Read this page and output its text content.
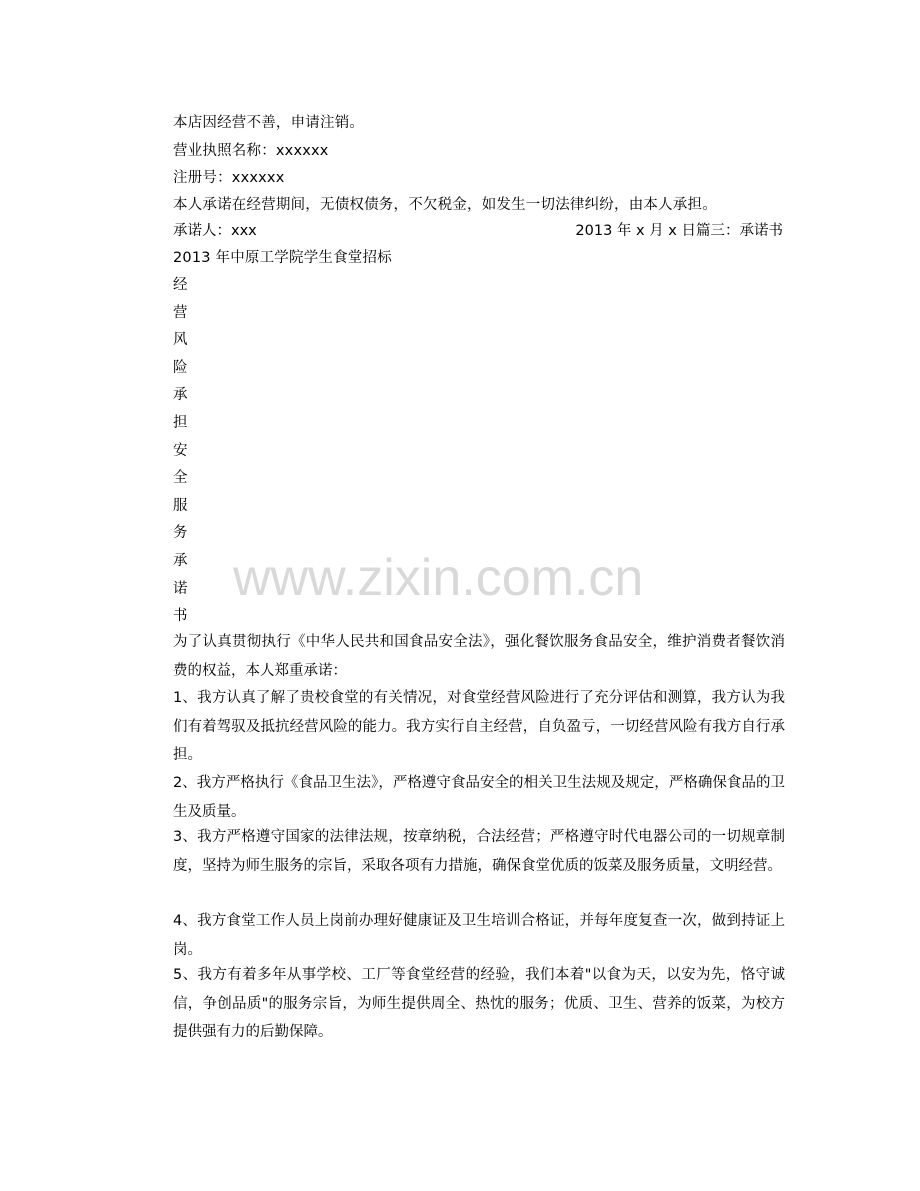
www.zixin.com.cn
本店因经营不善，申请注销。
营业执照名称：xxxxxx
注册号：xxxxxx
本人承诺在经营期间，无债权债务，不欠税金，如发生一切法律纠纷，由本人承担。
承诺人：xxx	2013 年 x 月 x 日篇三：承诺书
2013 年中原工学院学生食堂招标
经
营
风
险
承
担
安
全
服
务
承
诺
书
为了认真贯彻执行《中华人民共和国食品安全法》，强化餐饮服务食品安全，维护消费者餐饮消费的权益，本人郑重承诺：
1、我方认真了解了贵校食堂的有关情况，对食堂经营风险进行了充分评估和测算，我方认为我们有着驾驭及抵抗经营风险的能力。我方实行自主经营，自负盈亏，一切经营风险有我方自行承担。
2、我方严格执行《食品卫生法》，严格遵守食品安全的相关卫生法规及规定，严格确保食品的卫生及质量。
3、我方严格遵守国家的法律法规，按章纳税，合法经营；严格遵守时代电器公司的一切规章制度，坚持为师生服务的宗旨，采取各项有力措施，确保食堂优质的饭菜及服务质量，文明经营。
4、我方食堂工作人员上岗前办理好健康证及卫生培训合格证，并每年度复查一次，做到持证上岗。
5、我方有着多年从事学校、工厂等食堂经营的经验，我们本着"以食为天，以安为先，恪守诚信，争创品质"的服务宗旨，为师生提供周全、热忱的服务；优质、卫生、营养的饭菜，为校方提供强有力的后勤保障。
